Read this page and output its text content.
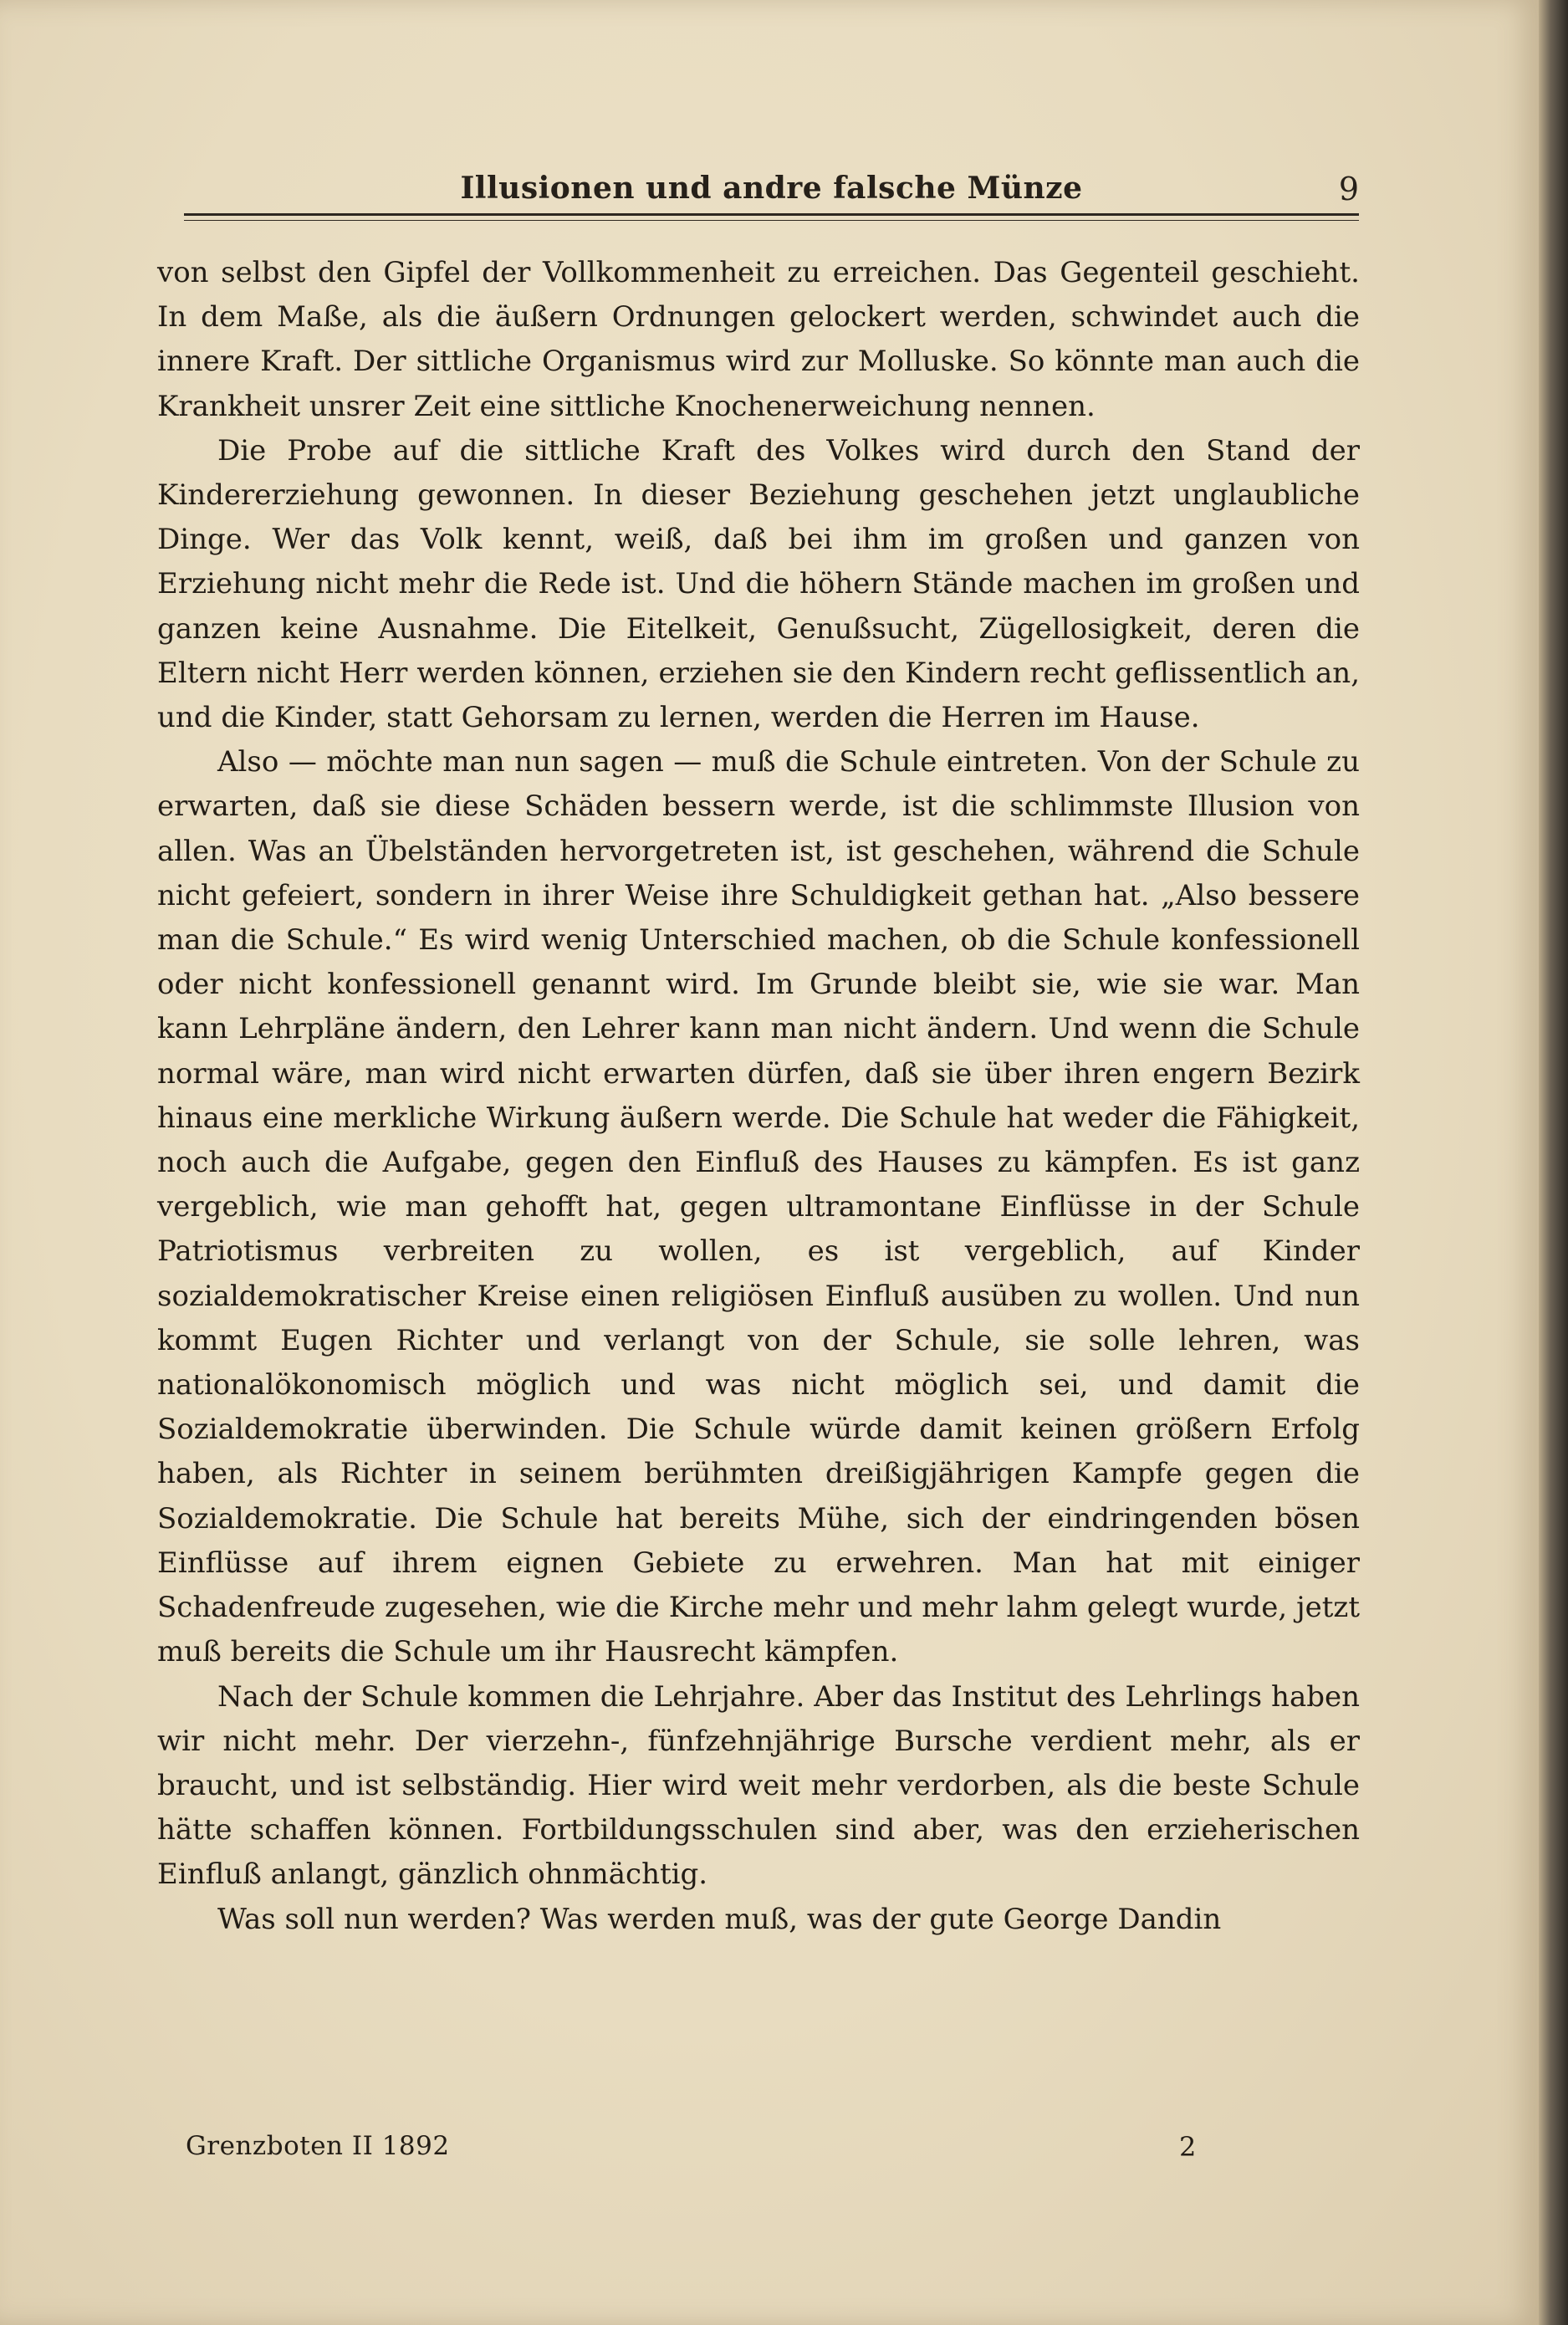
Illusionen und andre falsche Münze	9

von selbst den Gipfel der Vollkommenheit zu erreichen. Das Gegenteil geschieht. In dem Maße, als die äußern Ordnungen gelockert werden, schwindet auch die innere Kraft. Der sittliche Organismus wird zur Molluske. So könnte man auch die Krankheit unsrer Zeit eine sittliche Knochenerweichung nennen.

Die Probe auf die sittliche Kraft des Volkes wird durch den Stand der Kindererziehung gewonnen. In dieser Beziehung geschehen jetzt unglaubliche Dinge. Wer das Volk kennt, weiß, daß bei ihm im großen und ganzen von Erziehung nicht mehr die Rede ist. Und die höhern Stände machen im großen und ganzen keine Ausnahme. Die Eitelkeit, Genußsucht, Zügellosigkeit, deren die Eltern nicht Herr werden können, erziehen sie den Kindern recht geflissentlich an, und die Kinder, statt Gehorsam zu lernen, werden die Herren im Hause.

Also — möchte man nun sagen — muß die Schule eintreten. Von der Schule zu erwarten, daß sie diese Schäden bessern werde, ist die schlimmste Illusion von allen. Was an Übelständen hervorgetreten ist, ist geschehen, während die Schule nicht gefeiert, sondern in ihrer Weise ihre Schuldigkeit gethan hat. „Also bessere man die Schule.“ Es wird wenig Unterschied machen, ob die Schule konfessionell oder nicht konfessionell genannt wird. Im Grunde bleibt sie, wie sie war. Man kann Lehrpläne ändern, den Lehrer kann man nicht ändern. Und wenn die Schule normal wäre, man wird nicht erwarten dürfen, daß sie über ihren engern Bezirk hinaus eine merkliche Wirkung äußern werde. Die Schule hat weder die Fähigkeit, noch auch die Aufgabe, gegen den Einfluß des Hauses zu kämpfen. Es ist ganz vergeblich, wie man gehofft hat, gegen ultramontane Einflüsse in der Schule Patriotismus verbreiten zu wollen, es ist vergeblich, auf Kinder sozialdemokratischer Kreise einen religiösen Einfluß ausüben zu wollen. Und nun kommt Eugen Richter und verlangt von der Schule, sie solle lehren, was nationalökonomisch möglich und was nicht möglich sei, und damit die Sozialdemokratie überwinden. Die Schule würde damit keinen größern Erfolg haben, als Richter in seinem berühmten dreißigjährigen Kampfe gegen die Sozialdemokratie. Die Schule hat bereits Mühe, sich der eindringenden bösen Einflüsse auf ihrem eignen Gebiete zu erwehren. Man hat mit einiger Schadenfreude zugesehen, wie die Kirche mehr und mehr lahm gelegt wurde, jetzt muß bereits die Schule um ihr Hausrecht kämpfen.

Nach der Schule kommen die Lehrjahre. Aber das Institut des Lehrlings haben wir nicht mehr. Der vierzehn-, fünfzehnjährige Bursche verdient mehr, als er braucht, und ist selbständig. Hier wird weit mehr verdorben, als die beste Schule hätte schaffen können. Fortbildungsschulen sind aber, was den erzieherischen Einfluß anlangt, gänzlich ohnmächtig.

Was soll nun werden? Was werden muß, was der gute George Dandin

Grenzboten II 1892	2
